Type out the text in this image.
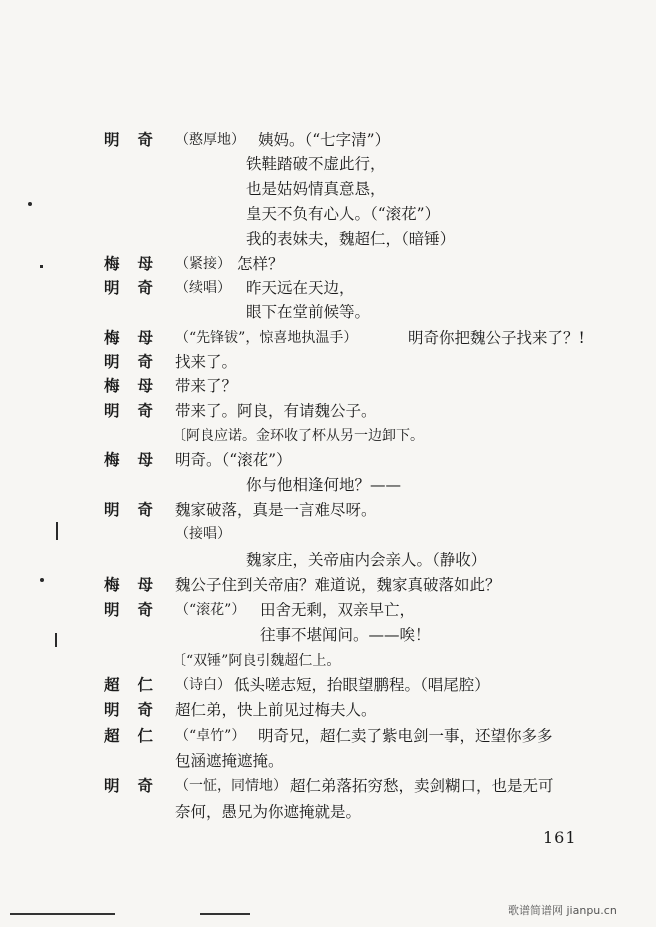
明奇 （憨厚地） 姨妈。（“七字清”）
铁鞋踏破不虚此行，
也是姑妈情真意恳，
皇天不负有心人。（“滚花”）
我的表妹夫，魏超仁，（暗锤）
梅母 （紧接） 怎样？
明奇 （续唱） 昨天远在天边，
眼下在堂前候等。
梅母 （“先锋钹”，惊喜地执温手）	明奇你把魏公子找来了？!
明奇 找来了。
梅母 带来了？
明奇 带来了。阿良，有请魏公子。
〔阿良应诺。金环收了杯从另一边卸下。
梅母 明奇。（“滚花”）
你与他相逢何地？——
明奇 魏家破落，真是一言难尽呀。
（接唱）
魏家庄，关帝庙内会亲人。（静收）
梅母 魏公子住到关帝庙？难道说，魏家真破落如此？
明奇 （“滚花”） 田舍无剩，双亲早亡，
往事不堪闻问。——唉！
〔“双锤”阿良引魏超仁上。
超仁 （诗白） 低头嗟志短，抬眼望鹏程。（唱尾腔）
明奇 超仁弟，快上前见过梅夫人。
超仁 （“卓竹”） 明奇兄，超仁卖了紫电剑一事，还望你多多
包涵遮掩遮掩。
明奇 （一怔，同情地） 超仁弟落拓穷愁，卖剑糊口，也是无可
奈何，愚兄为你遮掩就是。
161
歌谱简谱网 jianpu.cn
